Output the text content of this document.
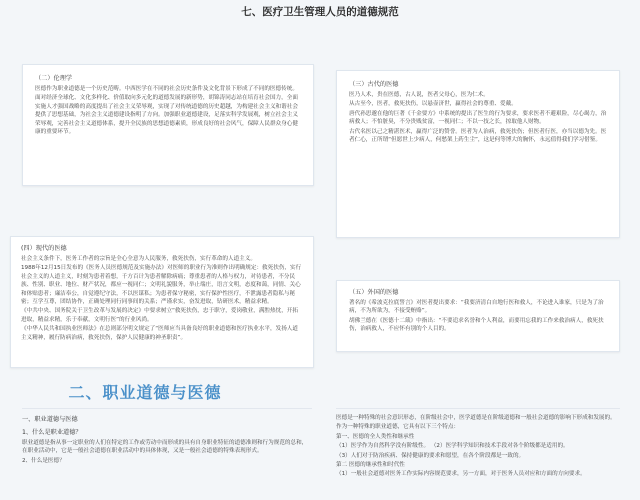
七、医疗卫生管理人员的道德规范
（二）伦理学

医德作为职业道德是一个历史范畴。中西医学在不同的社会历史条件及文化背景下形成了不同的医德传统。

面对经济全球化、文化多样化、价值取向多元化的道德发展的新形势，胡锦涛同志站在培育社会国力，全面实施人才强国战略的高度提出了社会主义荣辱观，实现了对传统道德的历史超越，为构建社会主义和谐社会提供了思想基础，为社会主义道德建设指明了方向。加强职业道德建设，足落实科学发展观，树立社会主义荣辱观，完善社会主义道德体系，提升全民族的思想道德素质，形成良好的社会风气，保障人民群众身心健康的重要环节。

（三）古代的医德

医乃人术，贵在医德，古人说，医者父母心，医为仁术。

从古至今，医者，救死扶伤，以悬壶济世，赢得社会的尊重、爱戴。

唐代孙思邈在他的巨著《千金要方》中系统的提出了医生的行为要求，要求医者不避艰险，尽心竭力，治病救人；不怕脏臭，不分贵贱贫富，一视同仁；不以一技之长，掠取他人财物。

古代名医以己之精湛医术，赢得广泛的赞誉。医者为人治病，救死扶伤；但医者行医，亦当以德为先。医者仁心，正所谓“但愿世上少病人，何愁架上药生尘”，这是何等博大的胸怀，永远值得我们学习借鉴。

(四）现代的医德

社会主义条件下，医务工作者的宗旨是全心全意为人民服务，救死扶伤，实行革命的人道主义。

1988年12月15日发布的《医务人员医德规范及实施办法》对医师的职业行为准则作出明确规定：救死扶伤，实行社会主义的人道主义，时刻为患者着想，千方百计为患者解除病痛；尊重患者的人格与权力，对待患者，不分民族、性别、职业、地位、财产状况，都应一视同仁；文明礼貌服务，举止端庄，语言文明，态度和蔼，同情、关心和体贴患者；廉洁奉公，自觉遵纪守法，不以医谋私；为患者保守秘密，实行保护性医疗，不泄露患者隐私与秘密；互学互尊，团结协作，正确处理同行同事间的关系；严谨求实，奋发进取，钻研医术，精益求精。

《中共中央、国务院关于卫生改革与发展的决定》中要求树立“救死扶伤，忠于职守，爱岗敬业，满腔热忱，开拓进取，精益求精，乐于奉献，文明行医”的行业风尚。

《中华人民共和国执业医师法》在总则部分明文规定了“医师应当具备良好的职业道德和医疗执业水平，发扬人道主义精神，履行防病治病，救死扶伤，保护人民健康的神圣职责”。

（五）外国的医德

著名的《希波克拉底誓言》对医者提出要求：“我要济清白自地行医和救人，不论进入谁家，只是为了治病，不为所欲为，不接受贿赂”。

胡佛兰德在《医德十二箴》中指出：“不要追求名誉和个人利益，而要用忘我的工作来救治病人，救死扶伤，治病救人，不应怀有别的个人目的。

二、职业道德与医德
一、职业道德与医德
1、什么是职业道德？

职业道德是指从事一定职业的人们在特定的工作或劳动中而形成的具有自身职业特征的道德准则和行为规范的总和，在职业活动中，它是一般社会道德在职业活动中的具体体现，又是一般社会道德的特殊表现形式。

2、什么是医德？

医德是一种特殊的社会意识形态，在阶级社会中，医学道德是在阶级道德和一般社会道德的影响下形成和发展的。

作为一种特殊的职业道德，它具有以下三个特点：

第一、医德的全人类性和继承性

（1）医学作为自然科学没有阶级性。 （2）医学科学知识和技术手段对各个阶级都是适用的。

（3）人们对于防治疾病、保持健康的要求和愿望，在各个阶段都是一致的。

第二 医德的继承性和时代性

（1）一般社会道德对医务工作实际内容规范要求，另一方面，对于医务人员对应和方面的方向要求。
